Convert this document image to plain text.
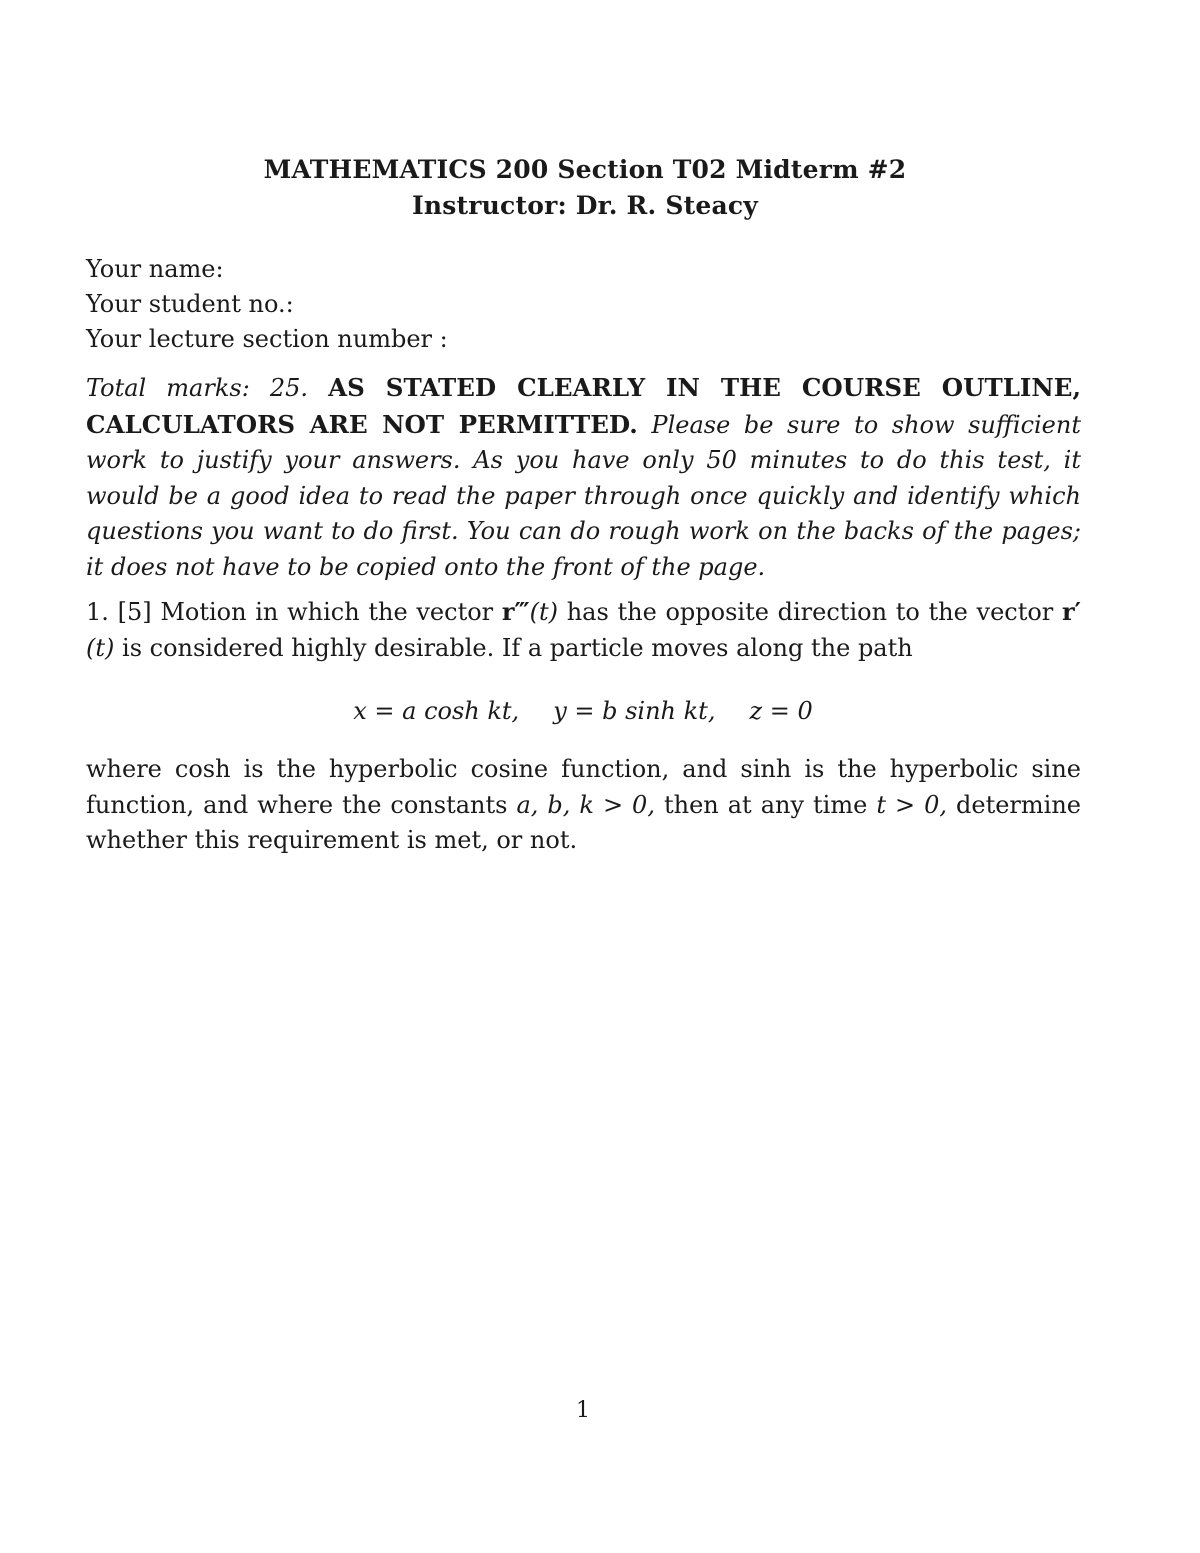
MATHEMATICS 200 Section T02 Midterm #2
Instructor: Dr. R. Steacy
Your name:
Your student no.:
Your lecture section number :
Total marks: 25. AS STATED CLEARLY IN THE COURSE OUTLINE, CALCULATORS ARE NOT PERMITTED. Please be sure to show sufficient work to justify your answers. As you have only 50 minutes to do this test, it would be a good idea to read the paper through once quickly and identify which questions you want to do first. You can do rough work on the backs of the pages; it does not have to be copied onto the front of the page.
1. [5] Motion in which the vector r‴(t) has the opposite direction to the vector r′(t) is considered highly desirable. If a particle moves along the path
x = a cosh kt, y = b sinh kt, z = 0
where cosh is the hyperbolic cosine function, and sinh is the hyperbolic sine function, and where the constants a, b, k > 0, then at any time t > 0, determine whether this requirement is met, or not.
1
